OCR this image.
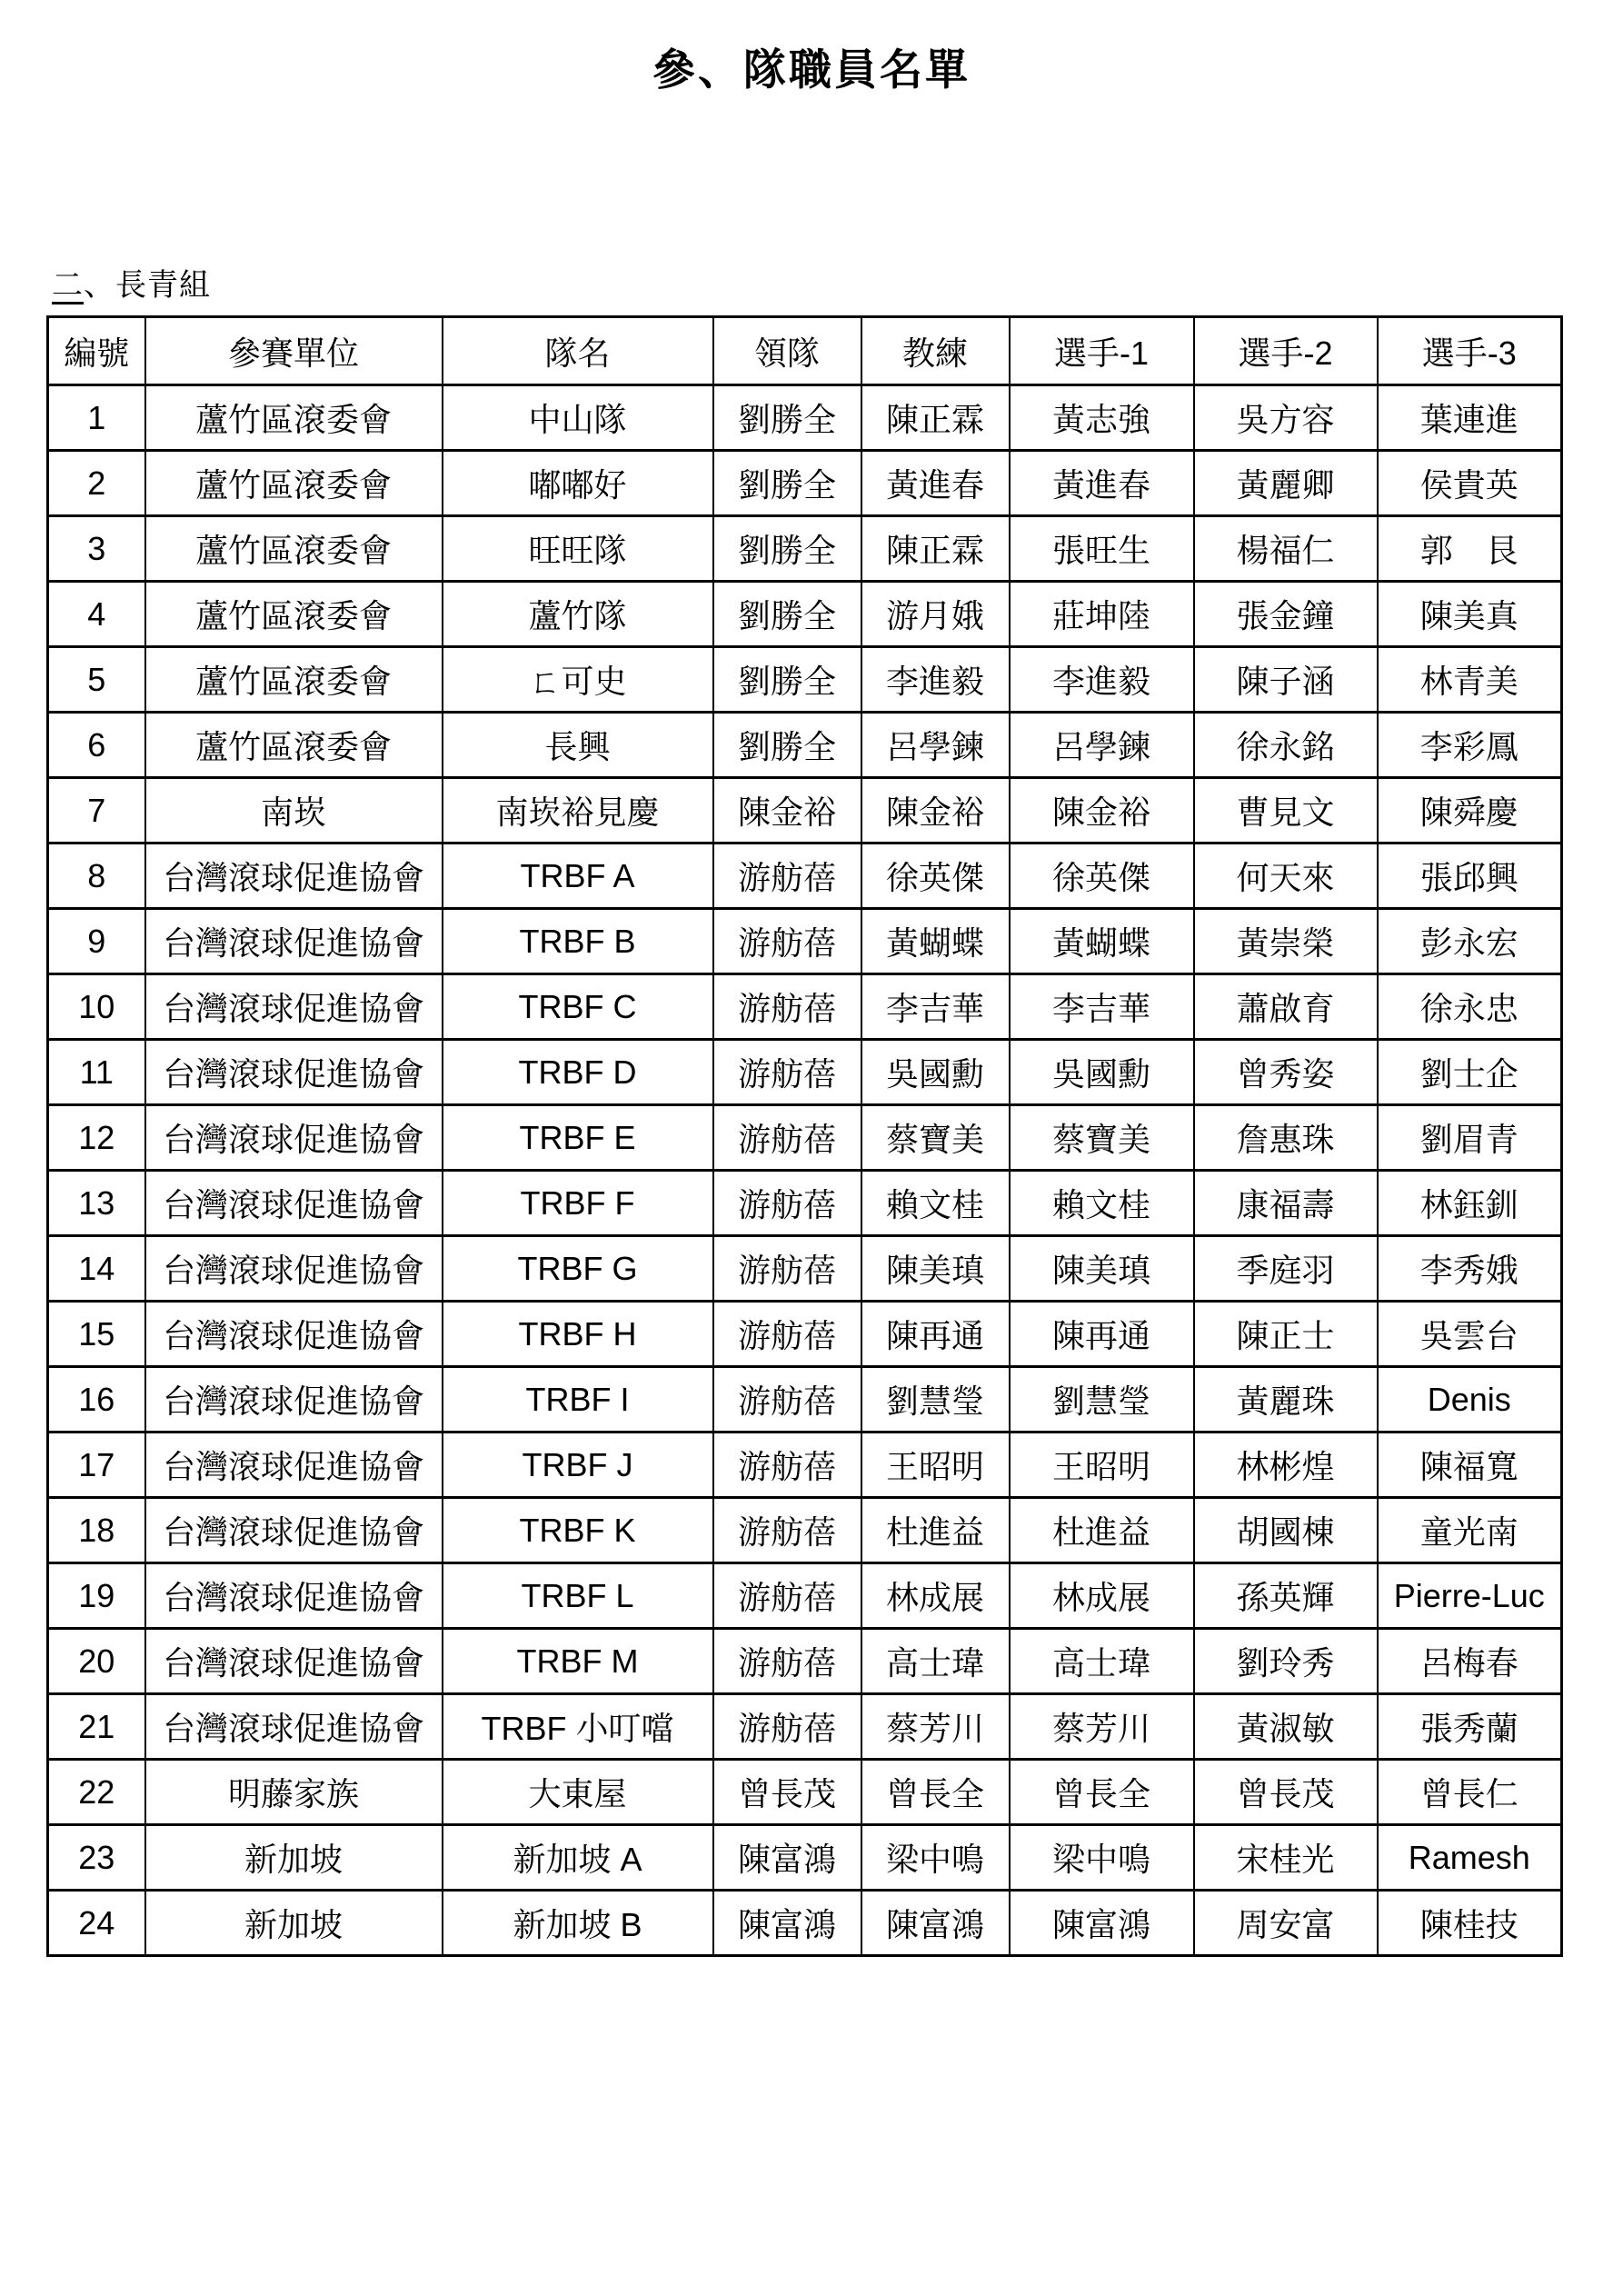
參、隊職員名單
二、長青組
編號	參賽單位	隊名	領隊	教練	選手-1	選手-2	選手-3
1	蘆竹區滾委會	中山隊	劉勝全	陳正霖	黃志強	吳方容	葉連進
2	蘆竹區滾委會	嘟嘟好	劉勝全	黃進春	黃進春	黃麗卿	侯貴英
3	蘆竹區滾委會	旺旺隊	劉勝全	陳正霖	張旺生	楊福仁	郭　艮
4	蘆竹區滾委會	蘆竹隊	劉勝全	游月娥	莊坤陸	張金鐘	陳美真
5	蘆竹區滾委會	ㄈ可史	劉勝全	李進毅	李進毅	陳子涵	林青美
6	蘆竹區滾委會	長興	劉勝全	呂學鍊	呂學鍊	徐永銘	李彩鳳
7	南崁	南崁裕見慶	陳金裕	陳金裕	陳金裕	曹見文	陳舜慶
8	台灣滾球促進協會	TRBF A	游舫蓓	徐英傑	徐英傑	何天來	張邱興
9	台灣滾球促進協會	TRBF B	游舫蓓	黃蝴蝶	黃蝴蝶	黃崇榮	彭永宏
10	台灣滾球促進協會	TRBF C	游舫蓓	李吉華	李吉華	蕭啟育	徐永忠
11	台灣滾球促進協會	TRBF D	游舫蓓	吳國勳	吳國勳	曾秀姿	劉士企
12	台灣滾球促進協會	TRBF E	游舫蓓	蔡寶美	蔡寶美	詹惠珠	劉眉青
13	台灣滾球促進協會	TRBF F	游舫蓓	賴文桂	賴文桂	康福壽	林鈺釧
14	台灣滾球促進協會	TRBF G	游舫蓓	陳美瑱	陳美瑱	季庭羽	李秀娥
15	台灣滾球促進協會	TRBF H	游舫蓓	陳再通	陳再通	陳正士	吳雲台
16	台灣滾球促進協會	TRBF I	游舫蓓	劉慧瑩	劉慧瑩	黃麗珠	Denis
17	台灣滾球促進協會	TRBF J	游舫蓓	王昭明	王昭明	林彬煌	陳福寬
18	台灣滾球促進協會	TRBF K	游舫蓓	杜進益	杜進益	胡國棟	童光南
19	台灣滾球促進協會	TRBF L	游舫蓓	林成展	林成展	孫英輝	Pierre-Luc
20	台灣滾球促進協會	TRBF M	游舫蓓	高士瑋	高士瑋	劉玲秀	呂梅春
21	台灣滾球促進協會	TRBF 小叮噹	游舫蓓	蔡芳川	蔡芳川	黃淑敏	張秀蘭
22	明藤家族	大東屋	曾長茂	曾長全	曾長全	曾長茂	曾長仁
23	新加坡	新加坡 A	陳富鴻	梁中鳴	梁中鳴	宋桂光	Ramesh
24	新加坡	新加坡 B	陳富鴻	陳富鴻	陳富鴻	周安富	陳桂技
